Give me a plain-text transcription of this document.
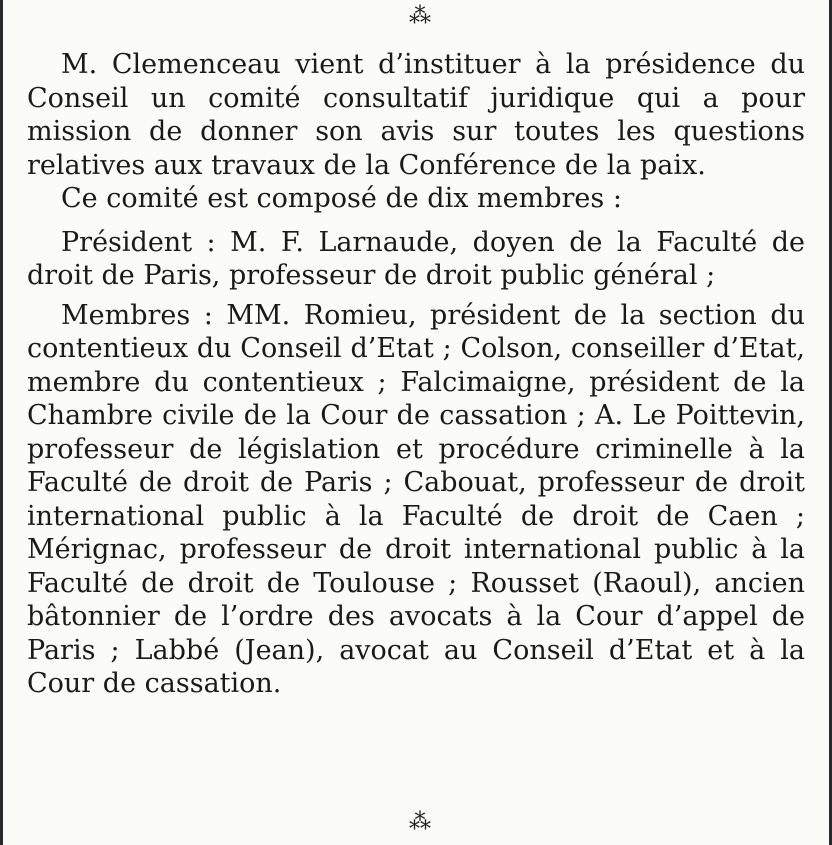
⁂

M. Clemenceau vient d’instituer à la présidence du Conseil un comité consultatif juridique qui a pour mission de donner son avis sur toutes les questions relatives aux travaux de la Conférence de la paix.

Ce comité est composé de dix membres :

Président : M. F. Larnaude, doyen de la Faculté de droit de Paris, professeur de droit public général ;

Membres : MM. Romieu, président de la section du contentieux du Conseil d’Etat ; Colson, conseiller d’Etat, membre du contentieux ; Falcimaigne, président de la Chambre civile de la Cour de cassation ; A. Le Poittevin, professeur de législation et procédure criminelle à la Faculté de droit de Paris ; Cabouat, professeur de droit international public à la Faculté de droit de Caen ; Mérignac, professeur de droit international public à la Faculté de droit de Toulouse ; Rousset (Raoul), ancien bâtonnier de l’ordre des avocats à la Cour d’appel de Paris ; Labbé (Jean), avocat au Conseil d’Etat et à la Cour de cassation.

⁂
